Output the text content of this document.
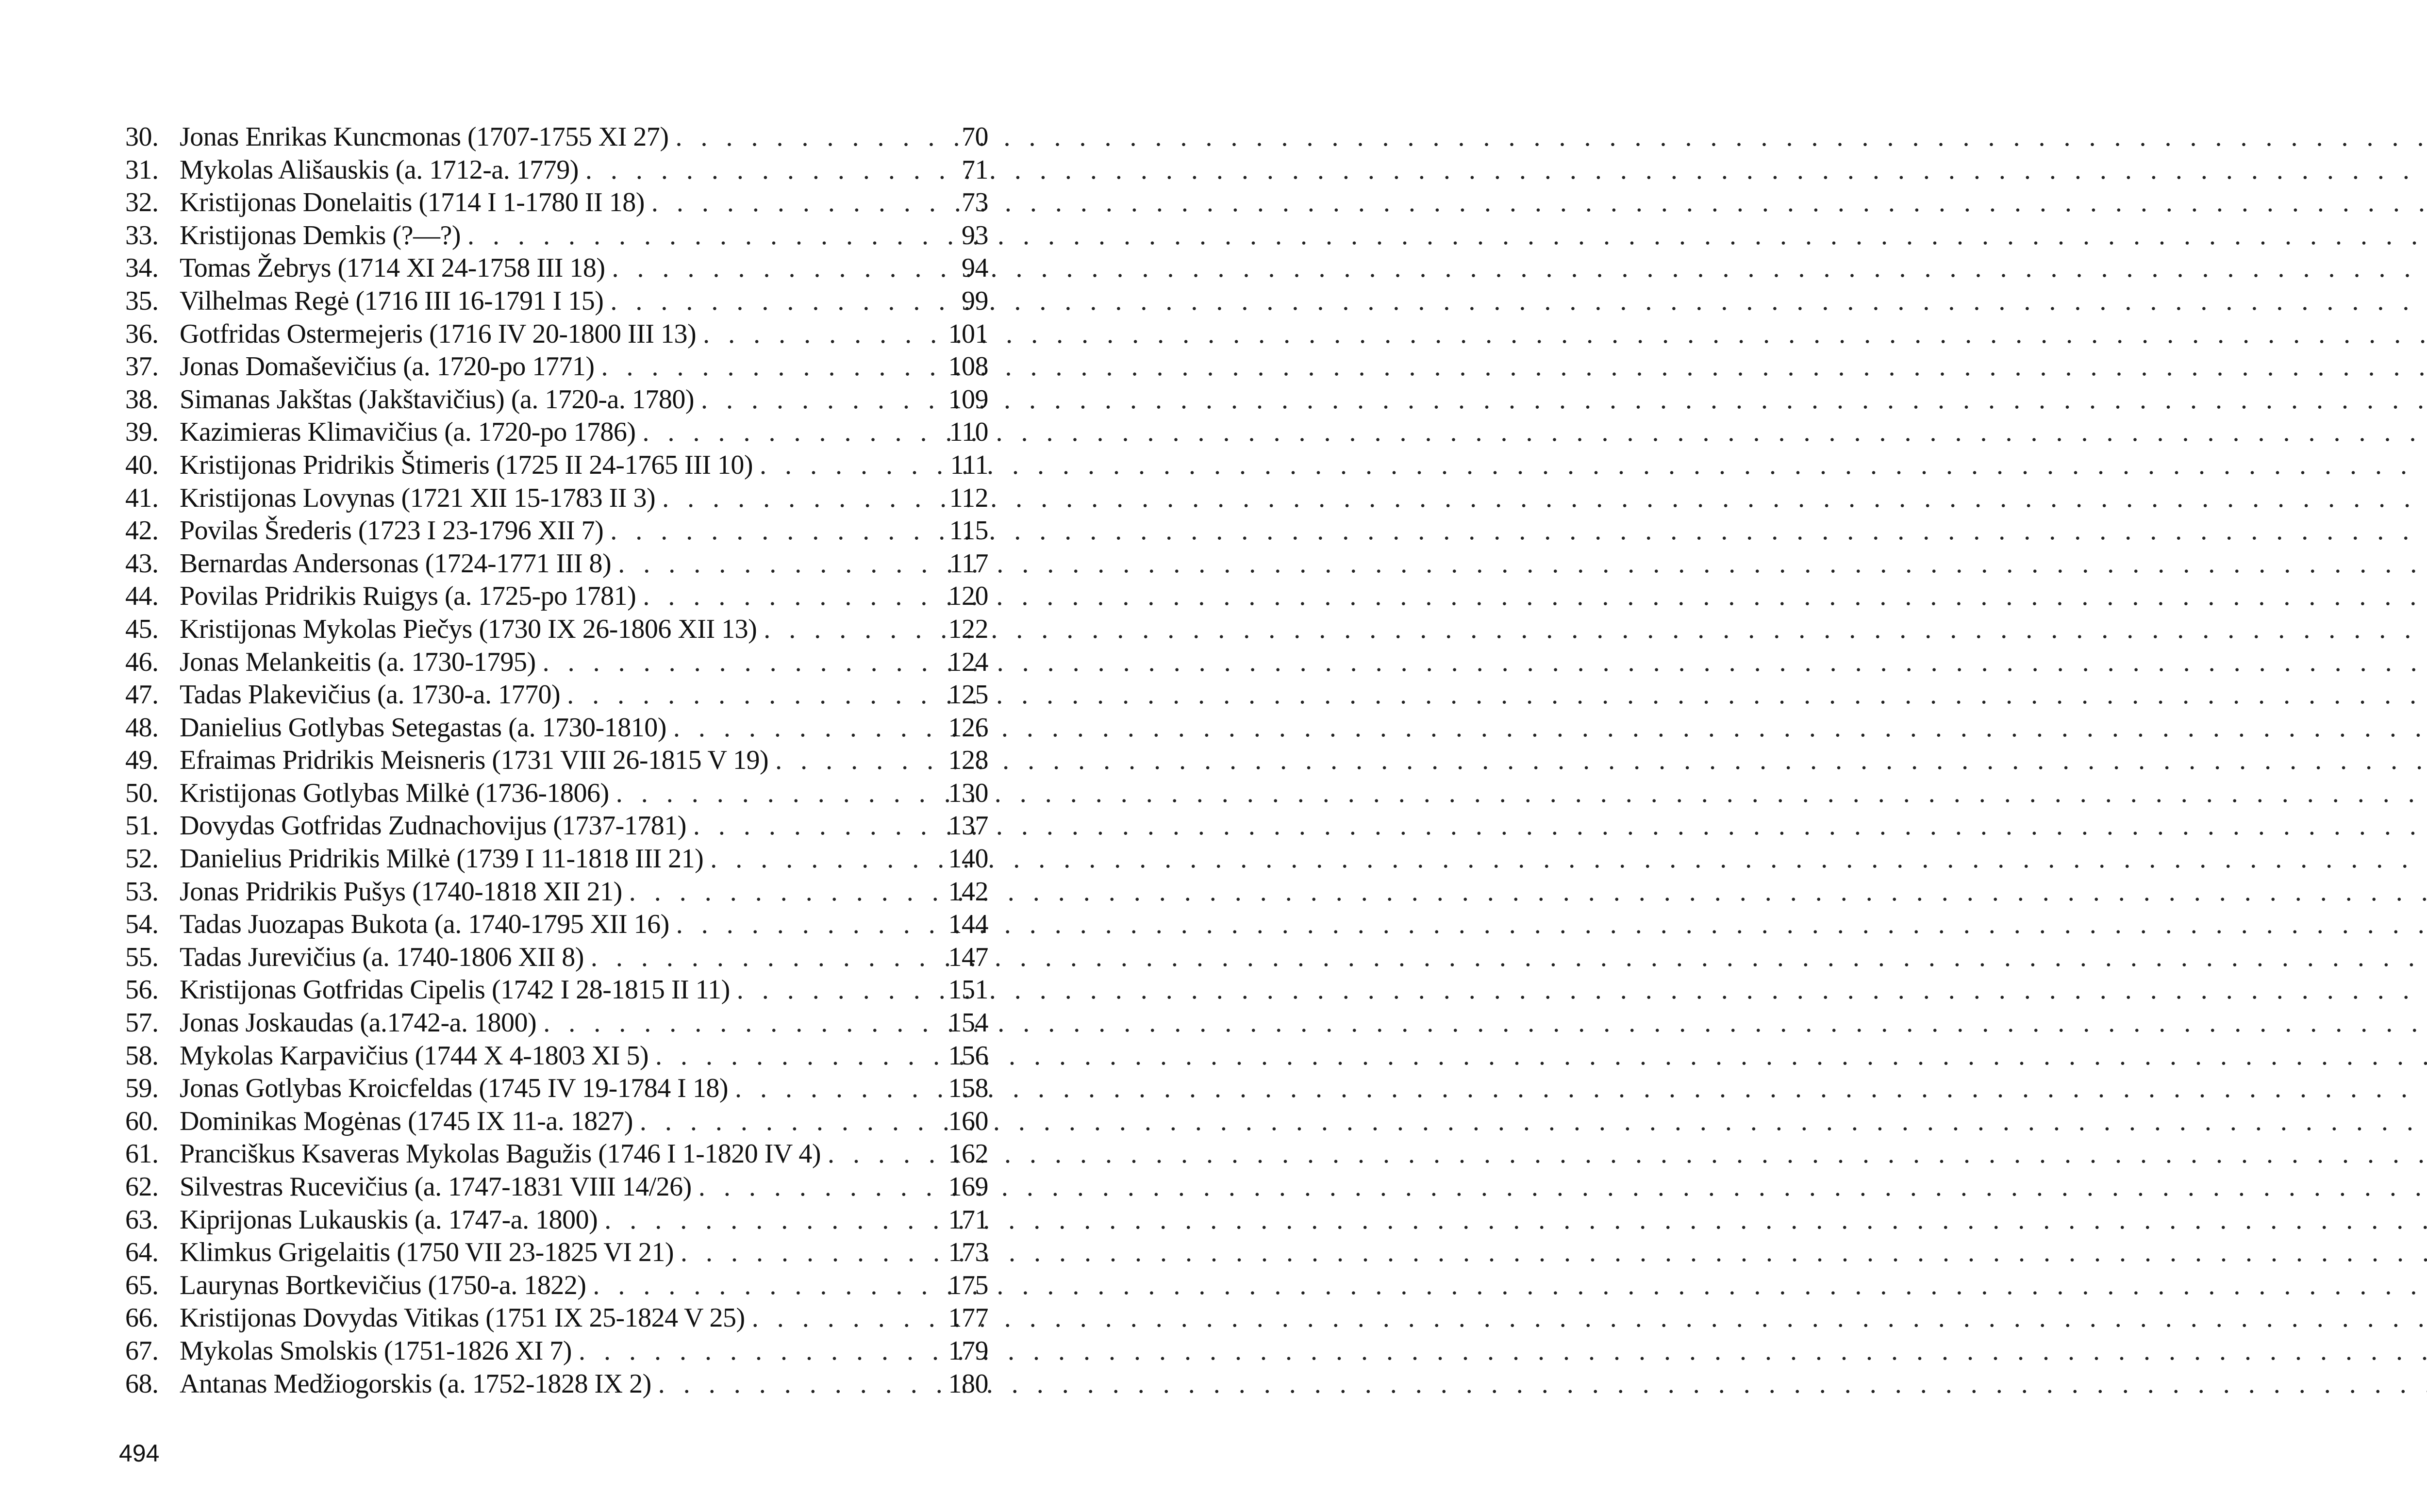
30. Jonas Enrikas Kuncmonas (1707-1755 XI 27) . . .	70
31. Mykolas Ališauskis (a. 1712-a. 1779) . . .	71
32. Kristijonas Donelaitis (1714 I 1-1780 II 18) . . .	73
33. Kristijonas Demkis (?—?) . . .	93
34. Tomas Žebrys (1714 XI 24-1758 III 18) . . .	94
35. Vilhelmas Regė (1716 III 16-1791 I 15) . . .	99
36. Gotfridas Ostermejeris (1716 IV 20-1800 III 13) . . .	101
37. Jonas Domaševičius (a. 1720-po 1771) . . .	108
38. Simanas Jakštas (Jakštavičius) (a. 1720-a. 1780) . . .	109
39. Kazimieras Klimavičius (a. 1720-po 1786) . . .	110
40. Kristijonas Pridrikis Štimeris (1725 II 24-1765 III 10) . . .	111
41. Kristijonas Lovynas (1721 XII 15-1783 II 3) . . .	112
42. Povilas Šrederis (1723 I 23-1796 XII 7) . . .	115
43. Bernardas Andersonas (1724-1771 III 8) . . .	117
44. Povilas Pridrikis Ruigys (a. 1725-po 1781) . . .	120
45. Kristijonas Mykolas Piečys (1730 IX 26-1806 XII 13) . . .	122
46. Jonas Melankeitis (a. 1730-1795) . . .	124
47. Tadas Plakevičius (a. 1730-a. 1770) . . .	125
48. Danielius Gotlybas Setegastas (a. 1730-1810) . . .	126
49. Efraimas Pridrikis Meisneris (1731 VIII 26-1815 V 19) . . .	128
50. Kristijonas Gotlybas Milkė (1736-1806) . . .	130
51. Dovydas Gotfridas Zudnachovijus (1737-1781) . . .	137
52. Danielius Pridrikis Milkė (1739 I 11-1818 III 21) . . .	140
53. Jonas Pridrikis Pušys (1740-1818 XII 21) . . .	142
54. Tadas Juozapas Bukota (a. 1740-1795 XII 16) . . .	144
55. Tadas Jurevičius (a. 1740-1806 XII 8) . . .	147
56. Kristijonas Gotfridas Cipelis (1742 I 28-1815 II 11) . . .	151
57. Jonas Joskaudas (a.1742-a. 1800) . . .	154
58. Mykolas Karpavičius (1744 X 4-1803 XI 5) . . .	156
59. Jonas Gotlybas Kroicfeldas (1745 IV 19-1784 I 18) . . .	158
60. Dominikas Mogėnas (1745 IX 11-a. 1827) . . .	160
61. Pranciškus Ksaveras Mykolas Bagužis (1746 I 1-1820 IV 4) . . .	162
62. Silvestras Rucevičius (a. 1747-1831 VIII 14/26) . . .	169
63. Kiprijonas Lukauskis (a. 1747-a. 1800) . . .	171
64. Klimkus Grigelaitis (1750 VII 23-1825 VI 21) . . .	173
65. Laurynas Bortkevičius (1750-a. 1822) . . .	175
66. Kristijonas Dovydas Vitikas (1751 IX 25-1824 V 25) . . .	177
67. Mykolas Smolskis (1751-1826 XI 7) . . .	179
68. Antanas Medžiogorskis (a. 1752-1828 IX 2) . . .	180
494
